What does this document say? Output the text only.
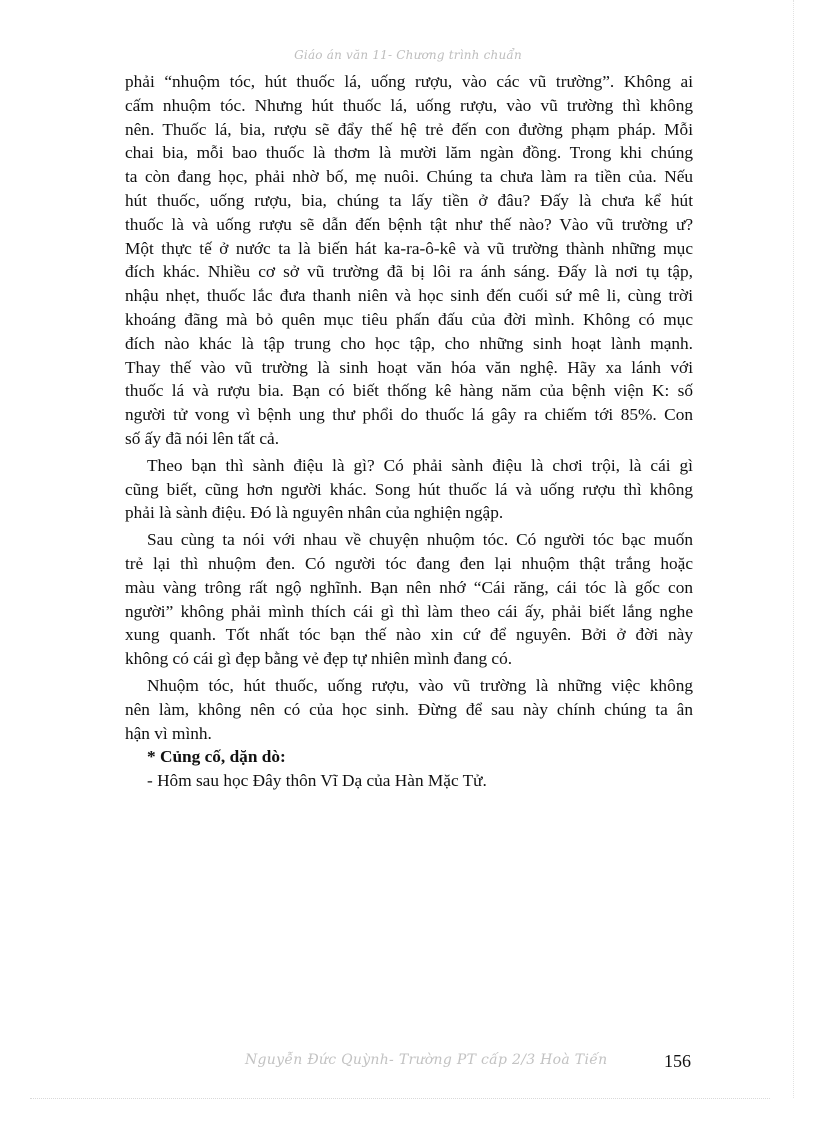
Giáo án văn 11- Chương trình chuẩn
phải “nhuộm tóc, hút thuốc lá, uống rượu, vào các vũ trường”. Không ai
cấm nhuộm tóc. Nhưng hút thuốc lá, uống rượu, vào vũ trường thì không
nên. Thuốc lá, bia, rượu sẽ đẩy thế hệ trẻ đến con đường phạm pháp. Mỗi
chai bia, mỗi bao thuốc là thơm là mười lăm ngàn đồng. Trong khi chúng
ta còn đang học, phải nhờ bố, mẹ nuôi. Chúng ta chưa làm ra tiền của. Nếu
hút thuốc, uống rượu, bia, chúng ta lấy tiền ở đâu? Đấy là chưa kể hút
thuốc là và uống rượu sẽ dẫn đến bệnh tật như thế nào? Vào vũ trường ư?
Một thực tế ở nước ta là biến hát ka-ra-ô-kê và vũ trường thành những mục
đích khác. Nhiều cơ sở vũ trường đã bị lôi ra ánh sáng. Đấy là nơi tụ tập,
nhậu nhẹt, thuốc lắc đưa thanh niên và học sinh đến cuối sứ mê li, cùng trời
khoáng đãng mà bỏ quên mục tiêu phấn đấu của đời mình. Không có mục
đích nào khác là tập trung cho học tập, cho những sinh hoạt lành mạnh.
Thay thế vào vũ trường là sinh hoạt văn hóa văn nghệ. Hãy xa lánh với
thuốc lá và rượu bia. Bạn có biết thống kê hàng năm của bệnh viện K: số
người tử vong vì bệnh ung thư phổi do thuốc lá gây ra chiếm tới 85%. Con
số ấy đã nói lên tất cả.
Theo bạn thì sành điệu là gì? Có phải sành điệu là chơi trội, là cái gì
cũng biết, cũng hơn người khác. Song hút thuốc lá và uống rượu thì không
phải là sành điệu. Đó là nguyên nhân của nghiện ngập.
Sau cùng ta nói với nhau về chuyện nhuộm tóc. Có người tóc bạc muốn
trẻ lại thì nhuộm đen. Có người tóc đang đen lại nhuộm thật trắng hoặc
màu vàng trông rất ngộ nghĩnh. Bạn nên nhớ “Cái răng, cái tóc là gốc con
người” không phải mình thích cái gì thì làm theo cái ấy, phải biết lắng nghe
xung quanh. Tốt nhất tóc bạn thế nào xin cứ để nguyên. Bởi ở đời này
không có cái gì đẹp bằng vẻ đẹp tự nhiên mình đang có.
Nhuộm tóc, hút thuốc, uống rượu, vào vũ trường là những việc không
nên làm, không nên có của học sinh. Đừng để sau này chính chúng ta ân
hận vì mình.
* Củng cố, dặn dò:
- Hôm sau học Đây thôn Vĩ Dạ của Hàn Mặc Tử.
Nguyễn Đức Quỳnh- Trường PT cấp 2/3 Hoà Tiến	156
